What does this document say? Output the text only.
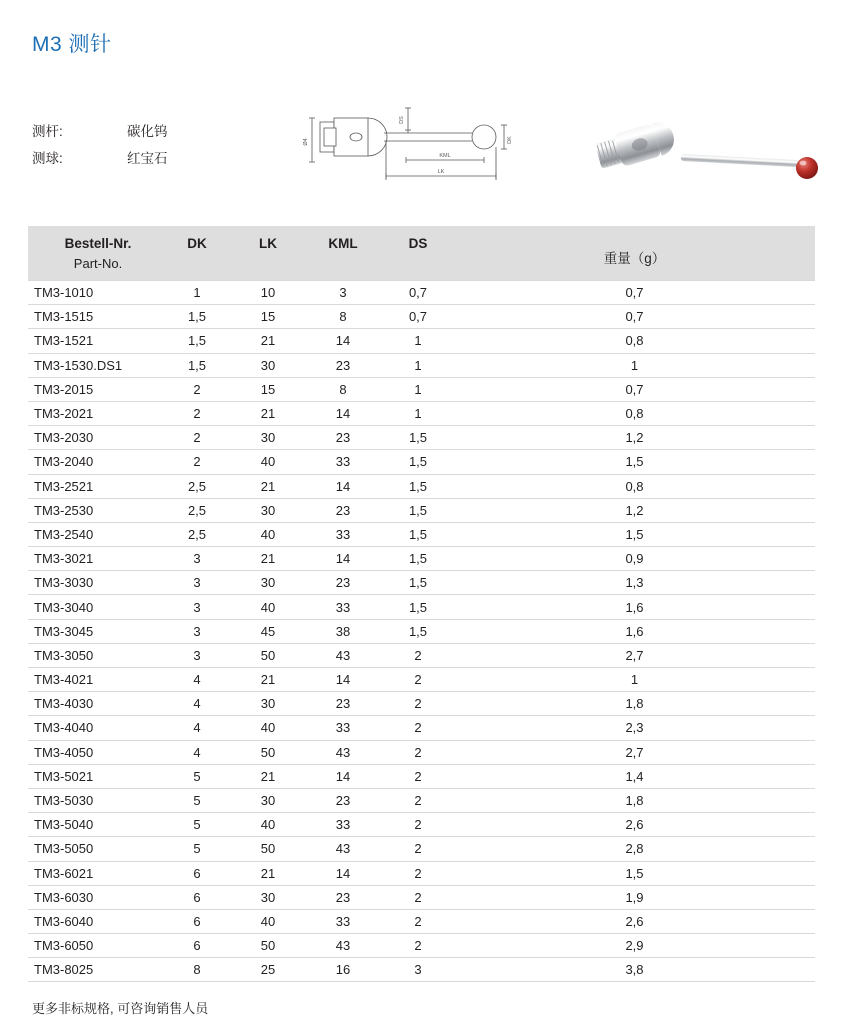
M3 测针
测杆:	碳化钨
测球:	红宝石
Ø4
DS
KML
LK
DK
Bestell-Nr.	DK	LK	KML	DS	重量（g）
Part-No.					
TM3-1010	1	10	3	0,7	0,7
TM3-1515	1,5	15	8	0,7	0,7
TM3-1521	1,5	21	14	1	0,8
TM3-1530.DS1	1,5	30	23	1	1
TM3-2015	2	15	8	1	0,7
TM3-2021	2	21	14	1	0,8
TM3-2030	2	30	23	1,5	1,2
TM3-2040	2	40	33	1,5	1,5
TM3-2521	2,5	21	14	1,5	0,8
TM3-2530	2,5	30	23	1,5	1,2
TM3-2540	2,5	40	33	1,5	1,5
TM3-3021	3	21	14	1,5	0,9
TM3-3030	3	30	23	1,5	1,3
TM3-3040	3	40	33	1,5	1,6
TM3-3045	3	45	38	1,5	1,6
TM3-3050	3	50	43	2	2,7
TM3-4021	4	21	14	2	1
TM3-4030	4	30	23	2	1,8
TM3-4040	4	40	33	2	2,3
TM3-4050	4	50	43	2	2,7
TM3-5021	5	21	14	2	1,4
TM3-5030	5	30	23	2	1,8
TM3-5040	5	40	33	2	2,6
TM3-5050	5	50	43	2	2,8
TM3-6021	6	21	14	2	1,5
TM3-6030	6	30	23	2	1,9
TM3-6040	6	40	33	2	2,6
TM3-6050	6	50	43	2	2,9
TM3-8025	8	25	16	3	3,8
更多非标规格, 可咨询销售人员
